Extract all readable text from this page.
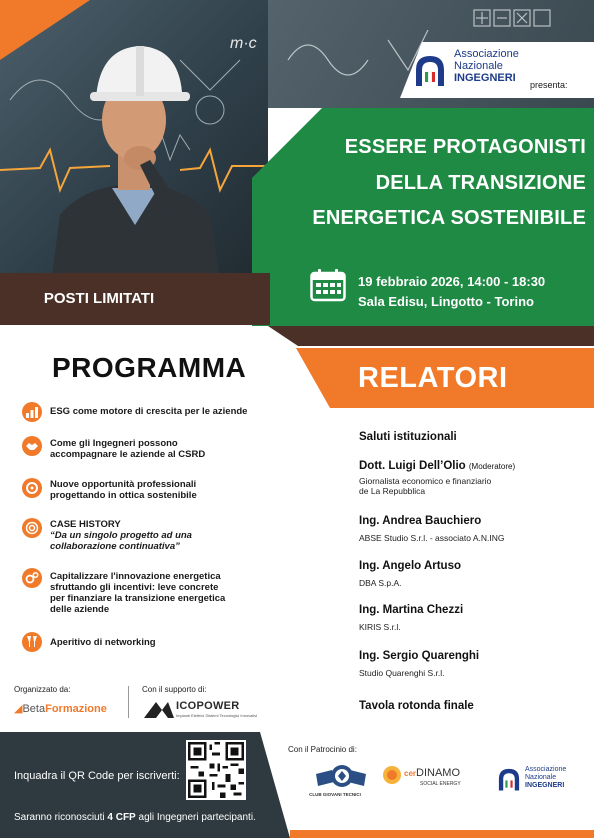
m·c
Associazione
Nazionale
INGEGNERI
presenta:
ESSERE PROTAGONISTI
DELLA TRANSIZIONE
ENERGETICA SOSTENIBILE
19 febbraio 2026, 14:00 - 18:30
Sala Edisu, Lingotto - Torino
POSTI LIMITATI
PROGRAMMA
ESG come motore di crescita per le aziende
Come gli Ingegneri possono
accompagnare le aziende al CSRD
Nuove opportunità professionali
progettando in ottica sostenibile
CASE HISTORY
“Da un singolo progetto ad una
collaborazione continuativa”
Capitalizzare l'innovazione energetica
sfruttando gli incentivi: leve concrete
per finanziare la transizione energetica
delle aziende
Aperitivo di networking
RELATORI
Saluti istituzionali
Dott. Luigi Dell’Olio (Moderatore)
Giornalista economico e finanziario
de La Repubblica
Ing. Andrea Bauchiero
ABSE Studio S.r.l. - associato A.N.ING
Ing. Angelo Artuso
DBA S.p.A.
Ing. Martina Chezzi
KIRIS S.r.l.
Ing. Sergio Quarenghi
Studio Quarenghi S.r.l.
Tavola rotonda finale
Organizzato da:	Con il supporto di:
◢BetaFormazione	ICOPOWER
Impianti Elettrici Sistemi Tecnologici Innovativi
Inquadra il QR Code per iscriverti:
Saranno riconosciuti 4 CFP agli Ingegneri partecipanti.
Con il Patrocinio di:
CLUB GIOVANI TECNICI
cerDINAMO
SOCIAL ENERGY
Associazione
Nazionale
INGEGNERI
